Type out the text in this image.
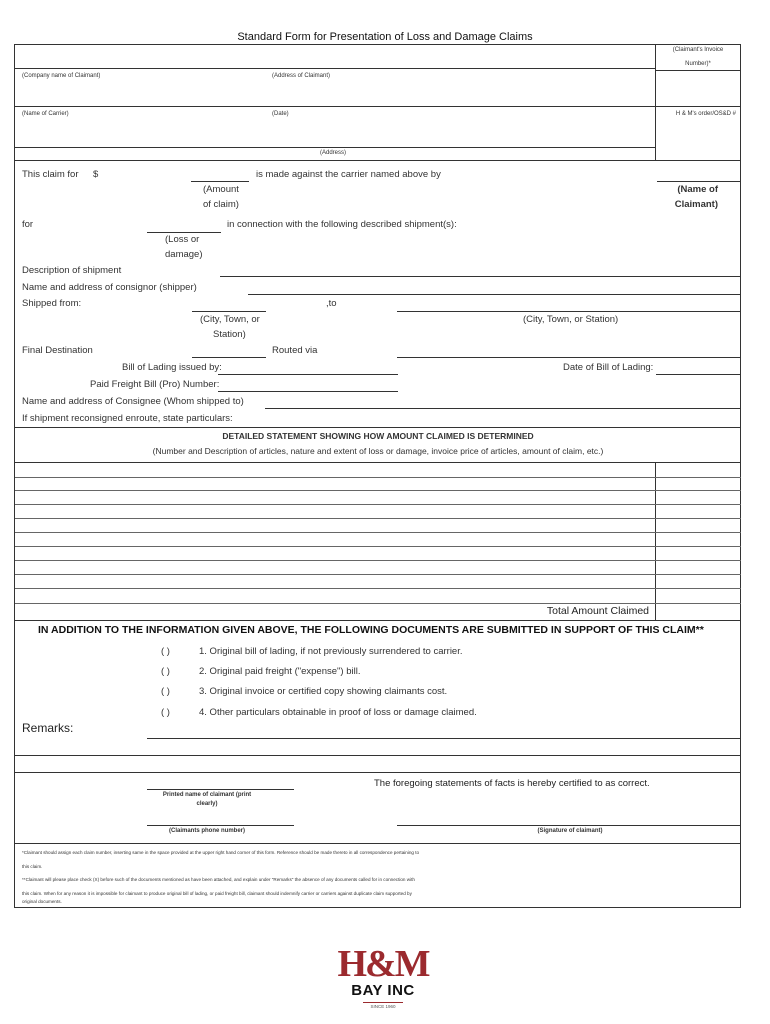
Standard Form for Presentation of Loss and Damage Claims
(Claimant's Invoice
Number)*
(Company name of Claimant)	(Address of Claimant)
(Name of Carrier)	(Date)	H & M's order/OS&D #
(Address)
This claim for $	is made against the carrier named above by
(Amount
of claim)
(Name of
Claimant)
for	in connection with the following described shipment(s):
(Loss or
damage)
Description of shipment
Name and address of consignor (shipper)
Shipped from:	,to
(City, Town, or
Station)
(City, Town, or Station)
Final Destination	Routed via
Bill of Lading issued by:	Date of Bill of Lading:
Paid Freight Bill (Pro) Number:
Name and address of Consignee (Whom shipped to)
If shipment reconsigned enroute, state particulars:
DETAILED STATEMENT SHOWING HOW AMOUNT CLAIMED IS DETERMINED
(Number and Description of articles, nature and extent of loss or damage, invoice price of articles, amount of claim, etc.)
Total Amount Claimed
IN ADDITION TO THE INFORMATION GIVEN ABOVE, THE FOLLOWING DOCUMENTS ARE SUBMITTED IN SUPPORT OF THIS CLAIM**
( )	1. Original bill of lading, if not previously surrendered to carrier.
( )	2. Original paid freight ("expense") bill.
( )	3. Original invoice or certified copy showing claimants cost.
( )	4. Other particulars obtainable in proof of loss or damage claimed.
Remarks:
The foregoing statements of facts is hereby certified to as correct.
Printed name of claimant (print
clearly)
(Claimants phone number)	(Signature of claimant)
*Claimant should assign each claim number, inserting same in the space provided at the upper right hand corner of this form. Reference should be made thereto in all correspondence pertaining to
this claim.
**Claimant will please place check (X) before such of the documents mentioned as have been attached, and explain under "Remarks" the absence of any documents called for in connection with
this claim. When for any reason it is impossible for claimant to produce original bill of lading, or paid freight bill, claimant should indemnify carrier or carriers against duplicate claim supported by
original documents.
H&M
BAY INC
SINCE 1960
